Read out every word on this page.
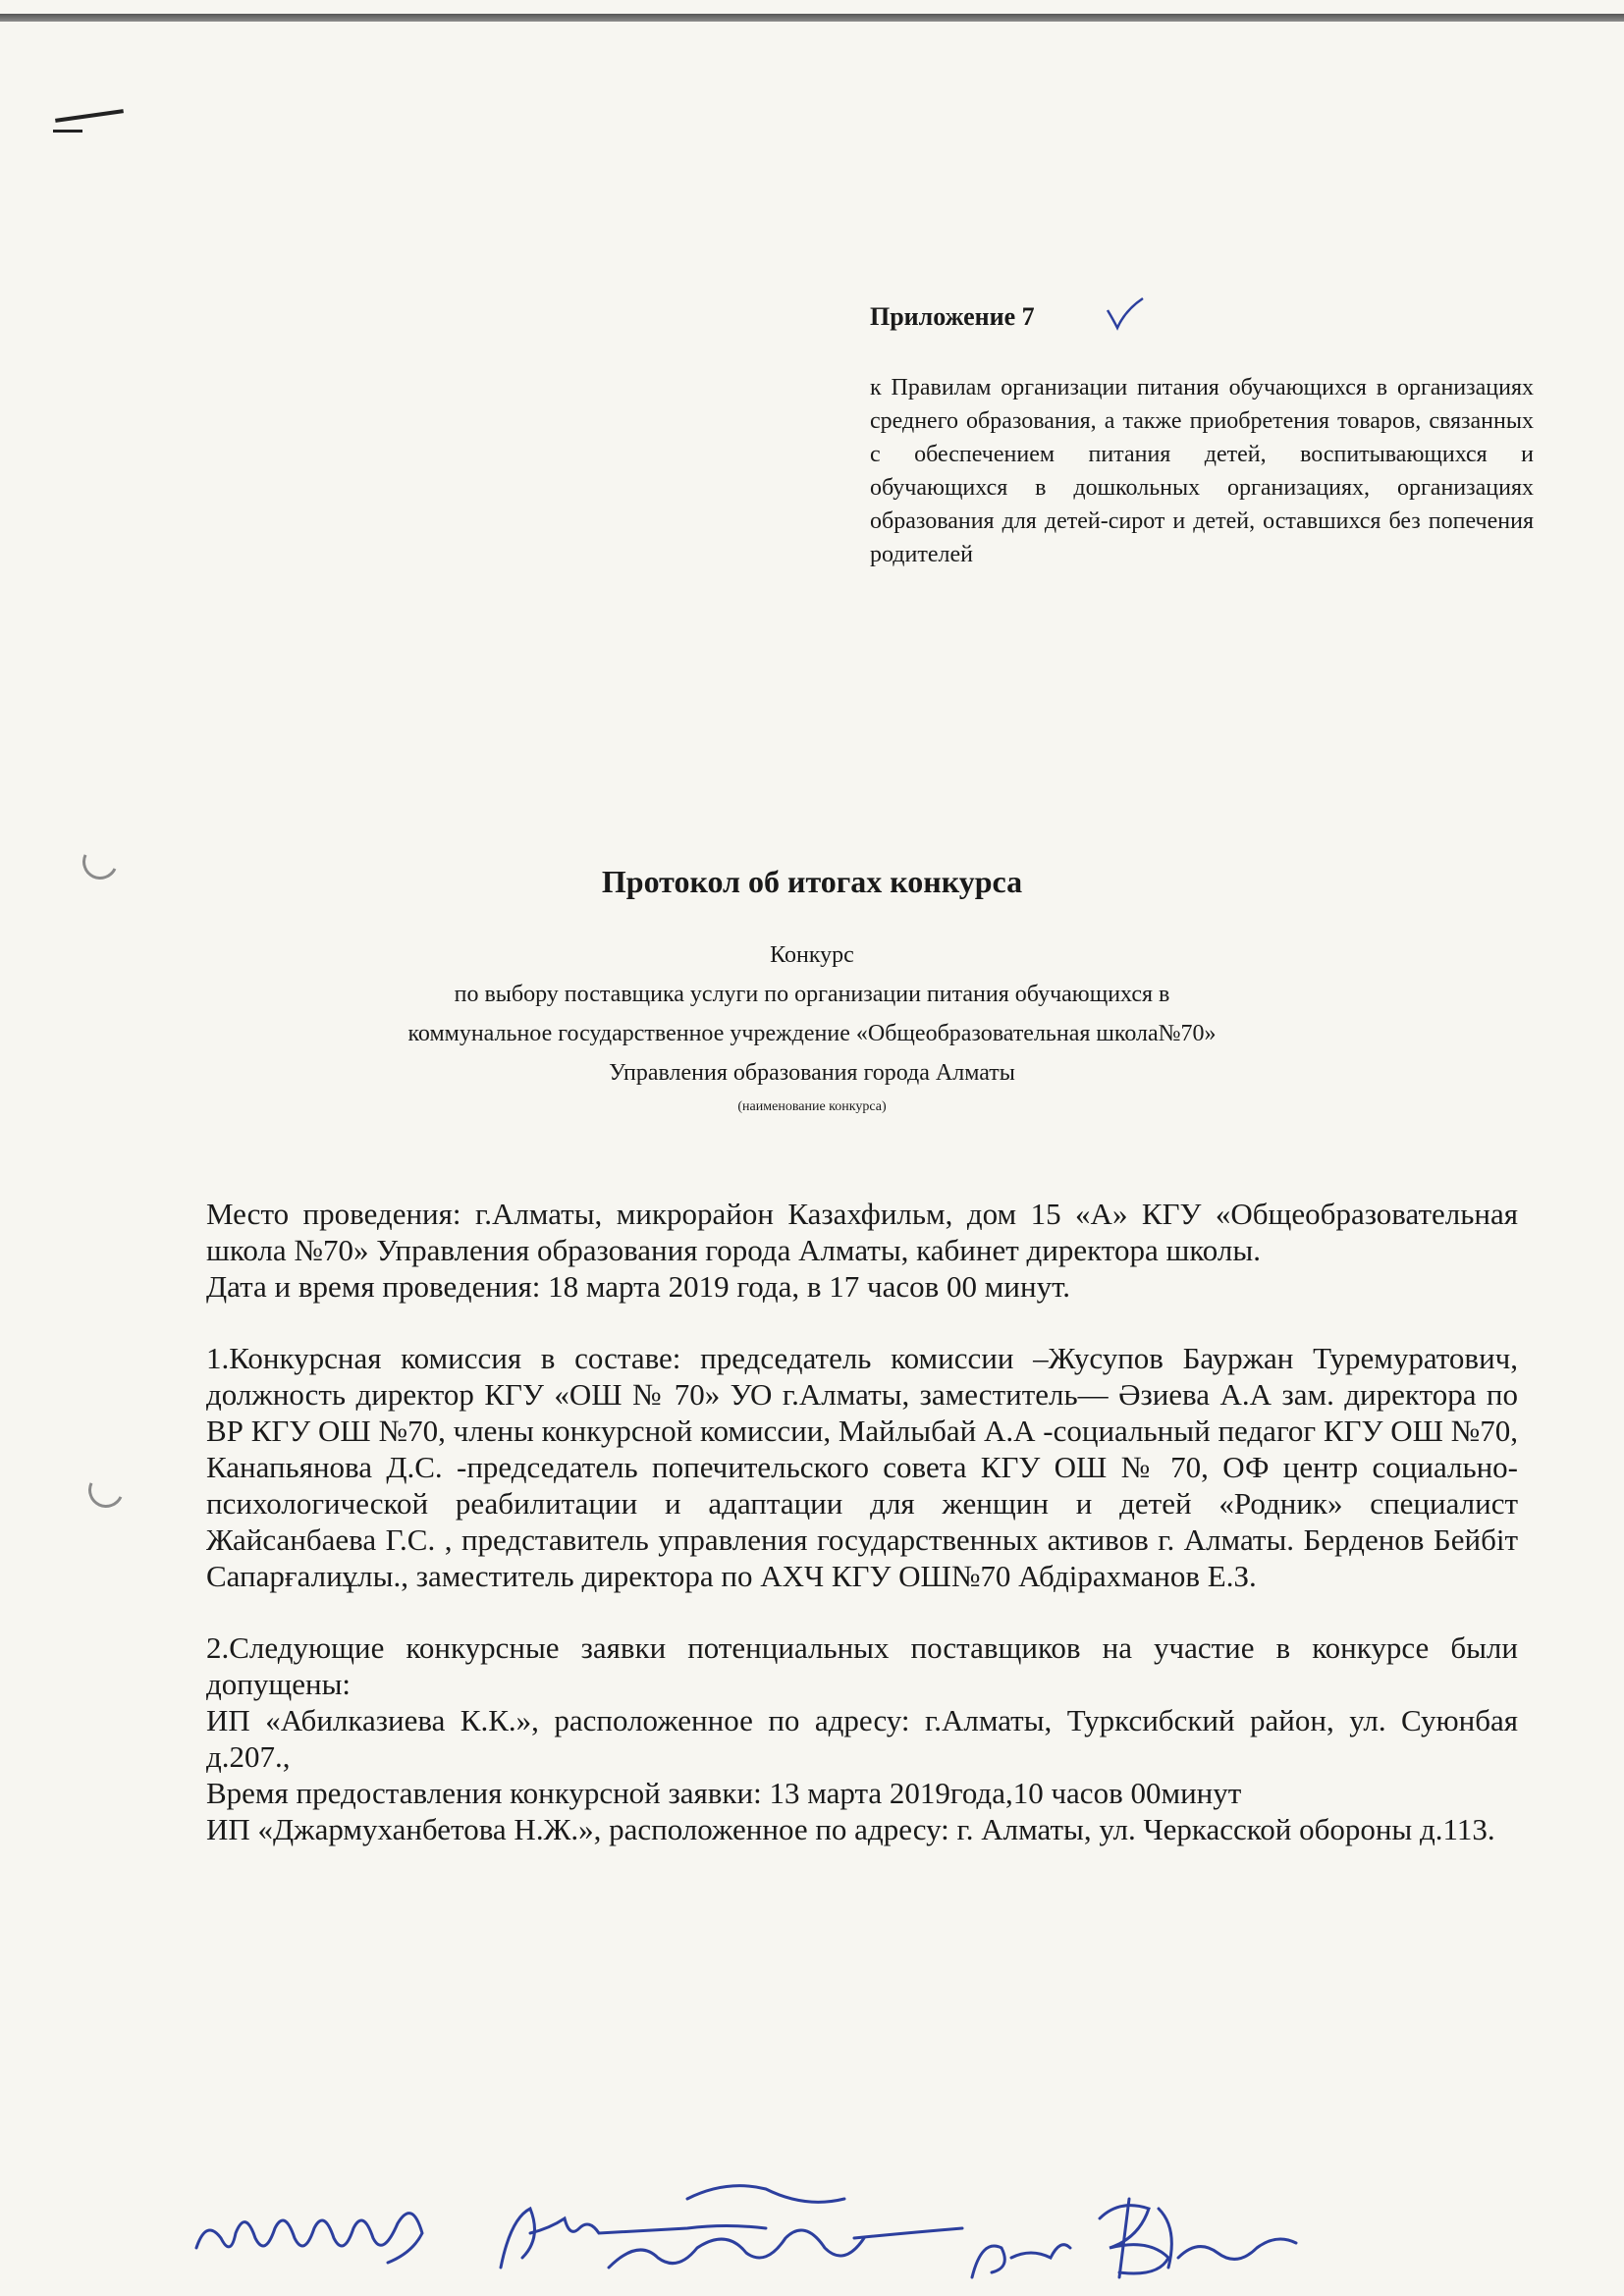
Приложение 7
к Правилам организации питания обучающихся в организациях среднего образования, а также приобретения товаров, связанных с обеспечением питания детей, воспитывающихся и обучающихся в дошкольных организациях, организациях образования для детей-сирот и детей, оставшихся без попечения родителей
Протокол об итогах конкурса
Конкурс
по выбору поставщика услуги по организации питания обучающихся в
коммунальное государственное учреждение «Общеобразовательная школа№70»
Управления образования города Алматы
(наименование конкурса)

Место проведения: г.Алматы, микрорайон Казахфильм, дом 15 «А» КГУ «Общеобразовательная школа №70» Управления образования города Алматы, кабинет директора школы.

Дата и время проведения: 18 марта 2019 года, в 17 часов 00 минут.

1.Конкурсная комиссия в составе: председатель комиссии –Жусупов Бауржан Туремуратович, должность директор КГУ «ОШ № 70» УО г.Алматы, заместитель— Әзиева А.А зам. директора по ВР КГУ ОШ №70, члены конкурсной комиссии, Майлыбай А.А -социальный педагог КГУ ОШ №70, Канапьянова Д.С. -председатель попечительского совета КГУ ОШ № 70, ОФ центр социально-психологической реабилитации и адаптации для женщин и детей «Родник» специалист Жайсанбаева Г.С. , представитель управления государственных активов г. Алматы. Берденов Бейбіт Сапарғалиұлы., заместитель директора по АХЧ КГУ ОШ№70 Абдірахманов Е.З.

2.Следующие конкурсные заявки потенциальных поставщиков на участие в конкурсе были допущены:

ИП «Абилказиева К.К.», расположенное по адресу: г.Алматы, Турксибский район, ул. Суюнбая д.207.,

Время предоставления конкурсной заявки: 13 марта 2019года,10 часов 00минут

ИП «Джармуханбетова Н.Ж.», расположенное по адресу: г. Алматы, ул. Черкасской обороны д.113.
